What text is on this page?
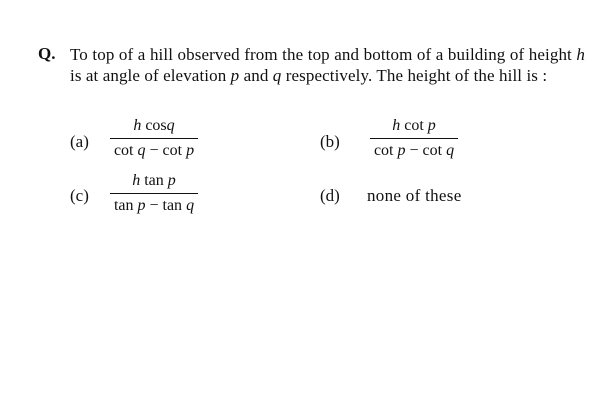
Q. To top of a hill observed from the top and bottom of a building of height h is at angle of elevation p and q respectively. The height of the hill is :
(a)
h cosq
cot q − cot p	(b)
h cot p
cot p − cot q
(c)
h tan p
tan p − tan q
(d) none of these
